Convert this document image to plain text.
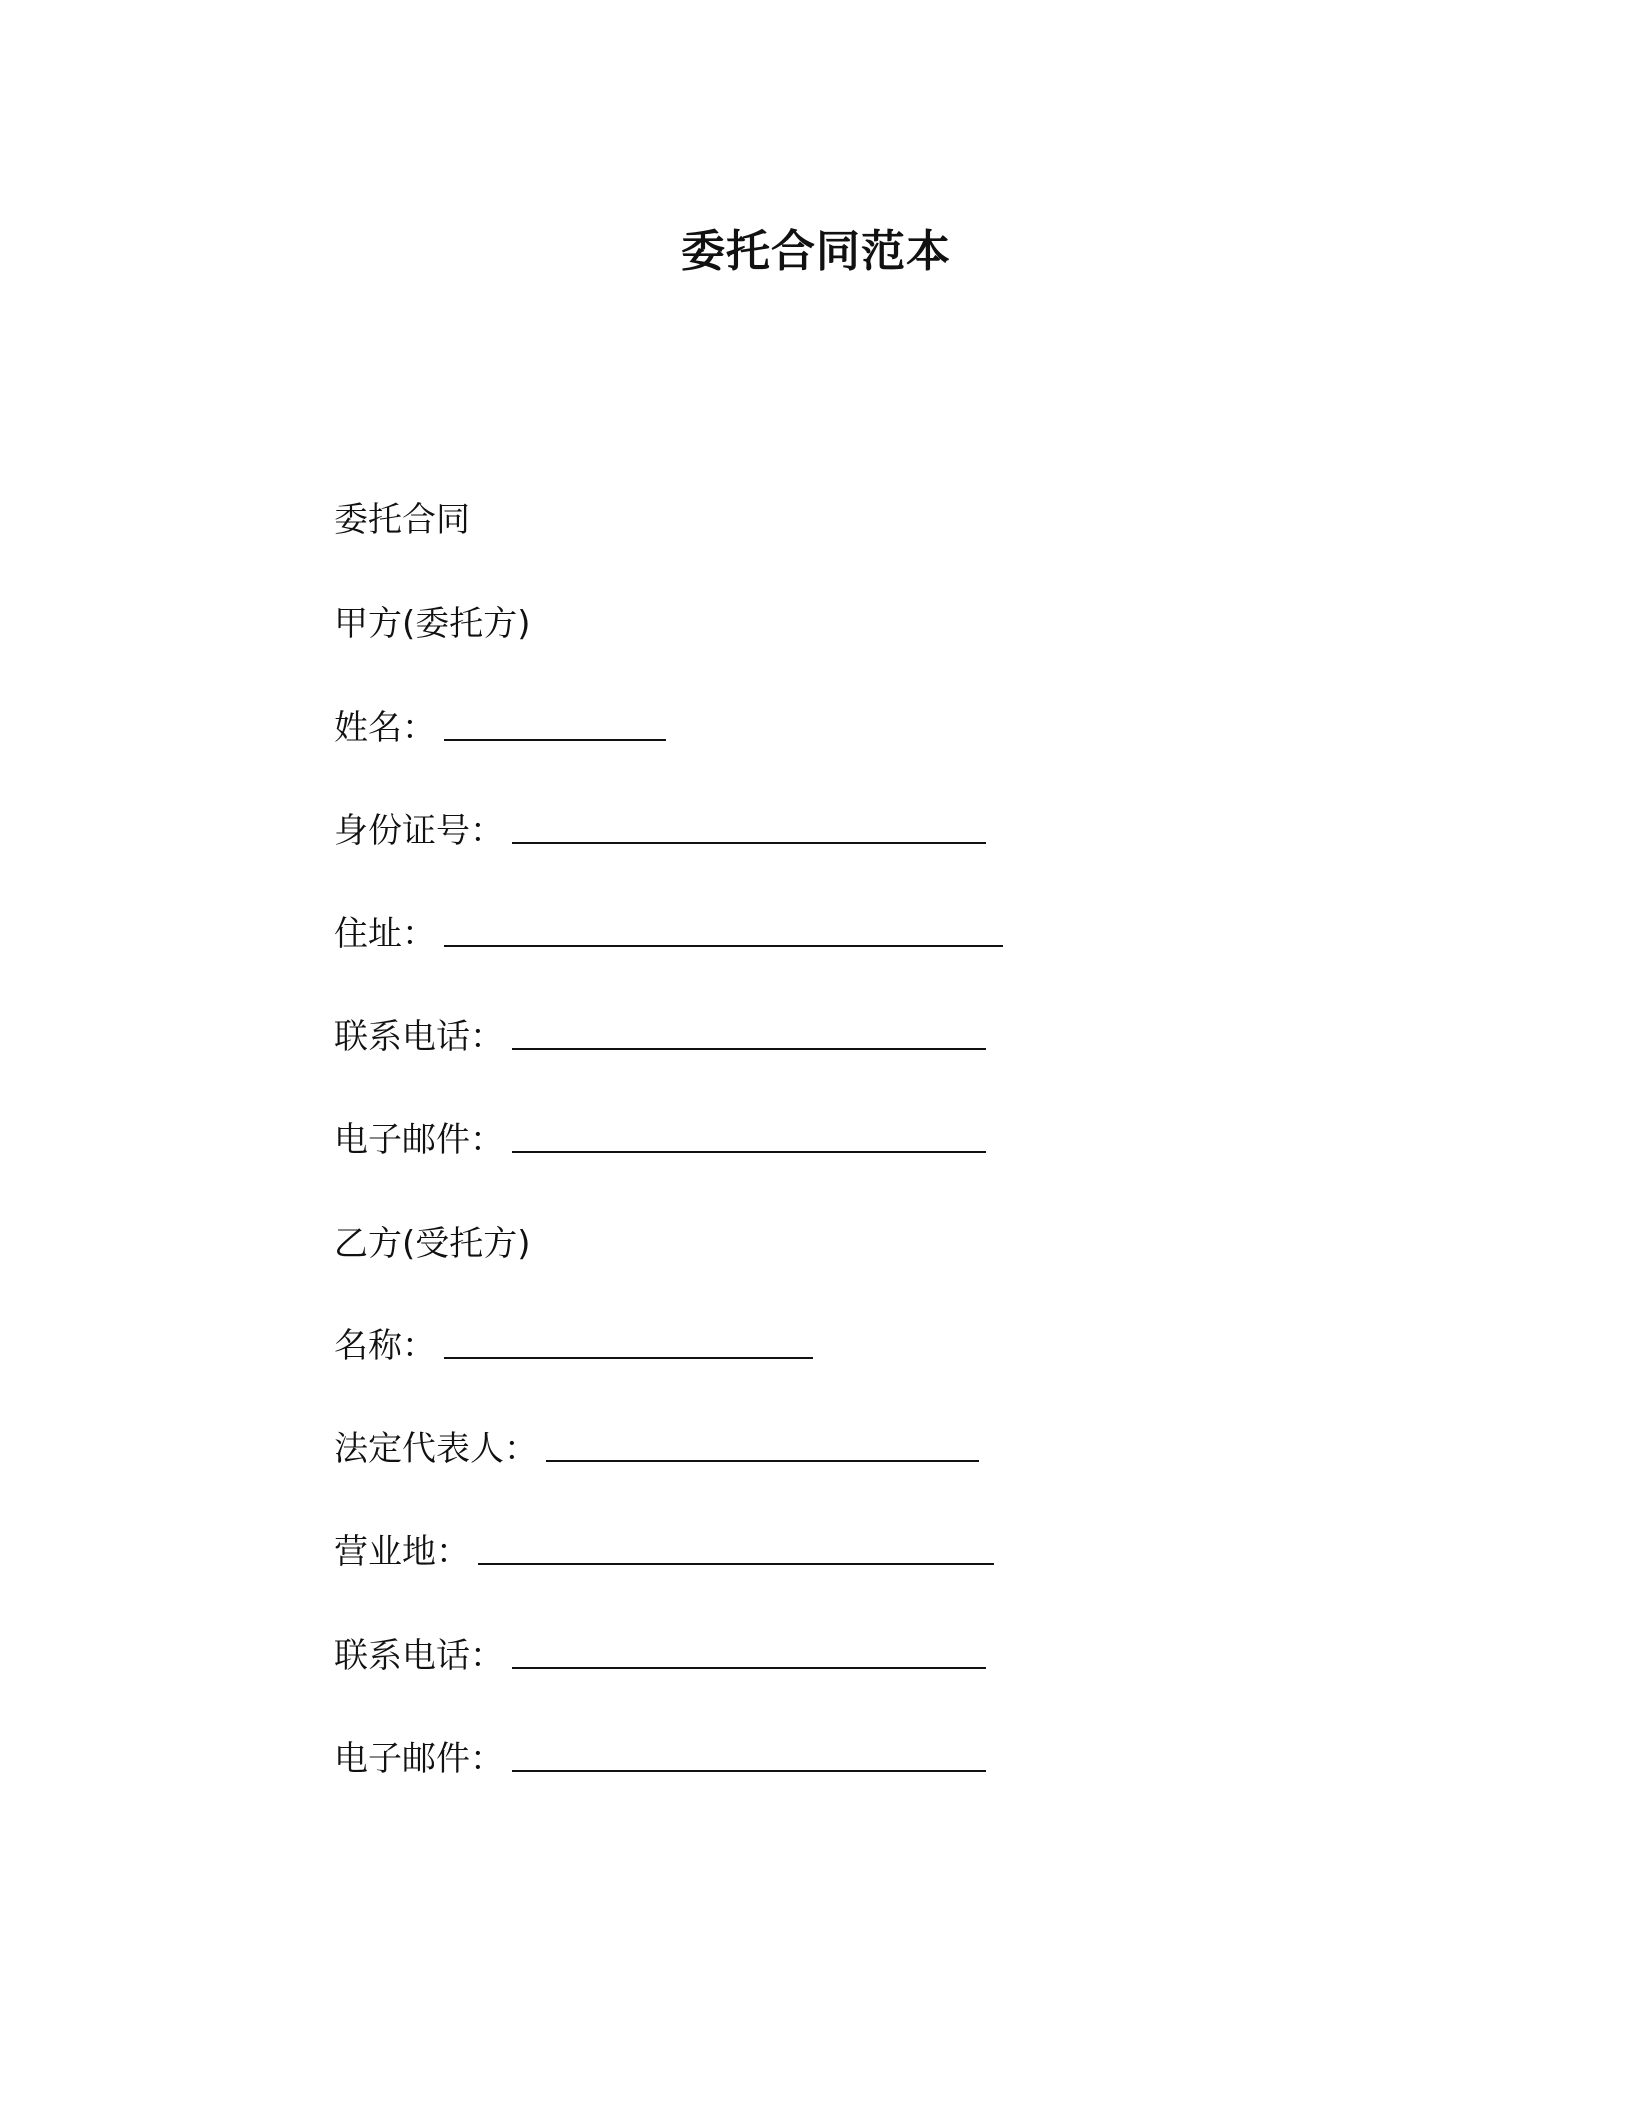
委托合同范本

委托合同

甲方(委托方)

姓名：

身份证号：

住址：

联系电话：

电子邮件：

乙方(受托方)

名称：

法定代表人：

营业地：

联系电话：

电子邮件：
